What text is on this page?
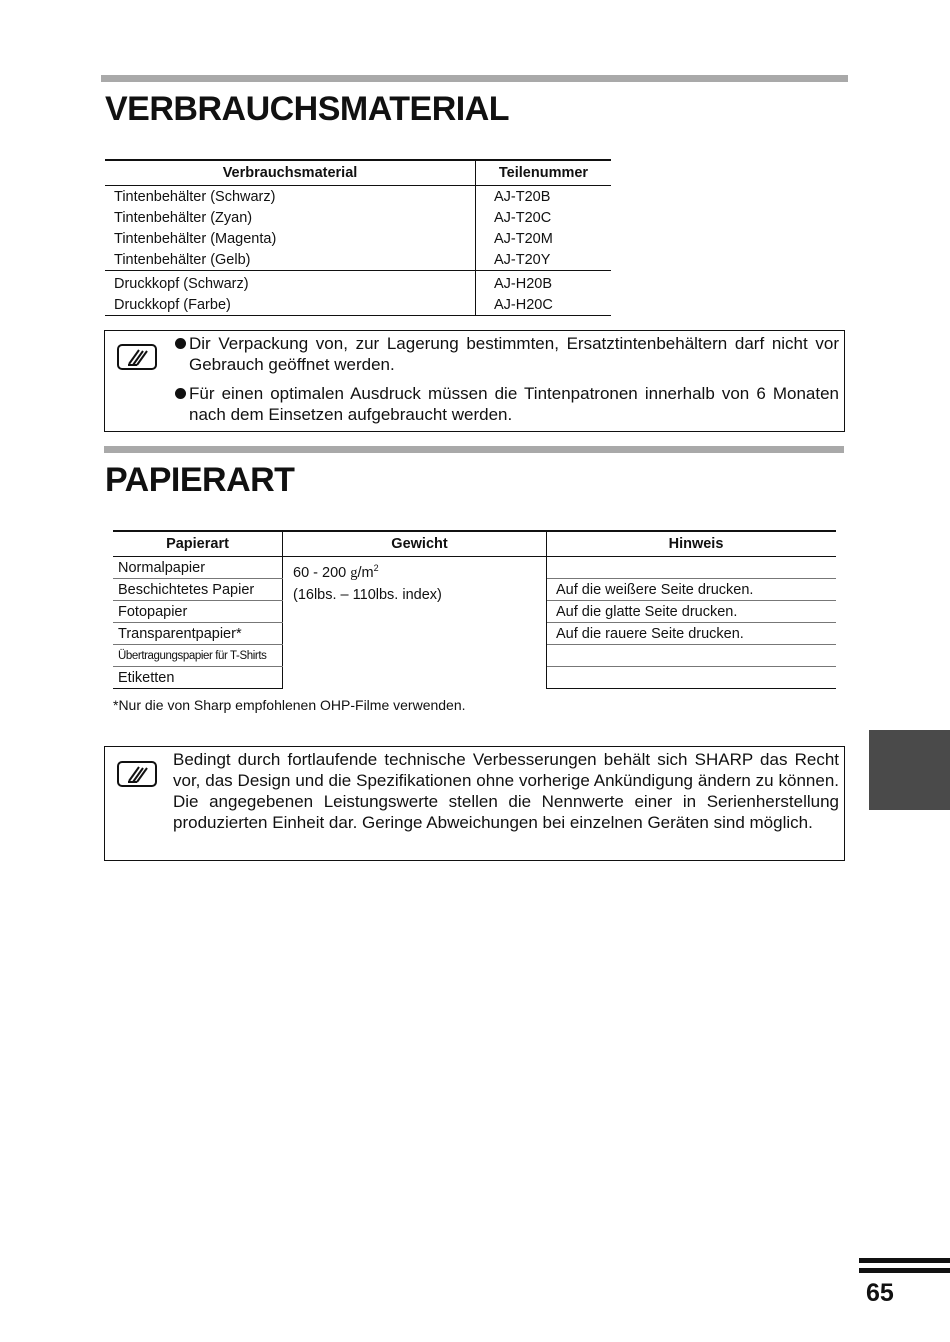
VERBRAUCHSMATERIAL
Verbrauchsmaterial	Teilenummer
Tintenbehälter (Schwarz)	AJ-T20B
Tintenbehälter (Zyan)	AJ-T20C
Tintenbehälter (Magenta)	AJ-T20M
Tintenbehälter (Gelb)	AJ-T20Y
Druckkopf (Schwarz)	AJ-H20B
Druckkopf (Farbe)	AJ-H20C
Dir Verpackung von, zur Lagerung bestimmten, Ersatztintenbehältern darf nicht vor Gebrauch geöffnet werden.
Für einen optimalen Ausdruck müssen die Tintenpatronen innerhalb von 6 Monaten nach dem Einsetzen aufgebraucht werden.
PAPIERART
Papierart	Gewicht	Hinweis
Normalpapier	60 - 200 $g/m^2$
(16lbs. – 110lbs. index)	

Beschichtetes Papier		Auf die weißere Seite drucken.
Fotopapier		Auf die glatte Seite drucken.
Transparentpapier*		Auf die rauere Seite drucken.
Übertragungspapier für T-Shirts		
Etiketten		
*Nur die von Sharp empfohlenen OHP-Filme verwenden.
Bedingt durch fortlaufende technische Verbesserungen behält sich SHARP das Recht vor, das Design und die Spezifikationen ohne vorherige Ankündigung ändern zu können. Die angegebenen Leistungswerte stellen die Nennwerte einer in Serienherstellung produzierten Einheit dar. Geringe Abweichungen bei einzelnen Geräten sind möglich.
65
